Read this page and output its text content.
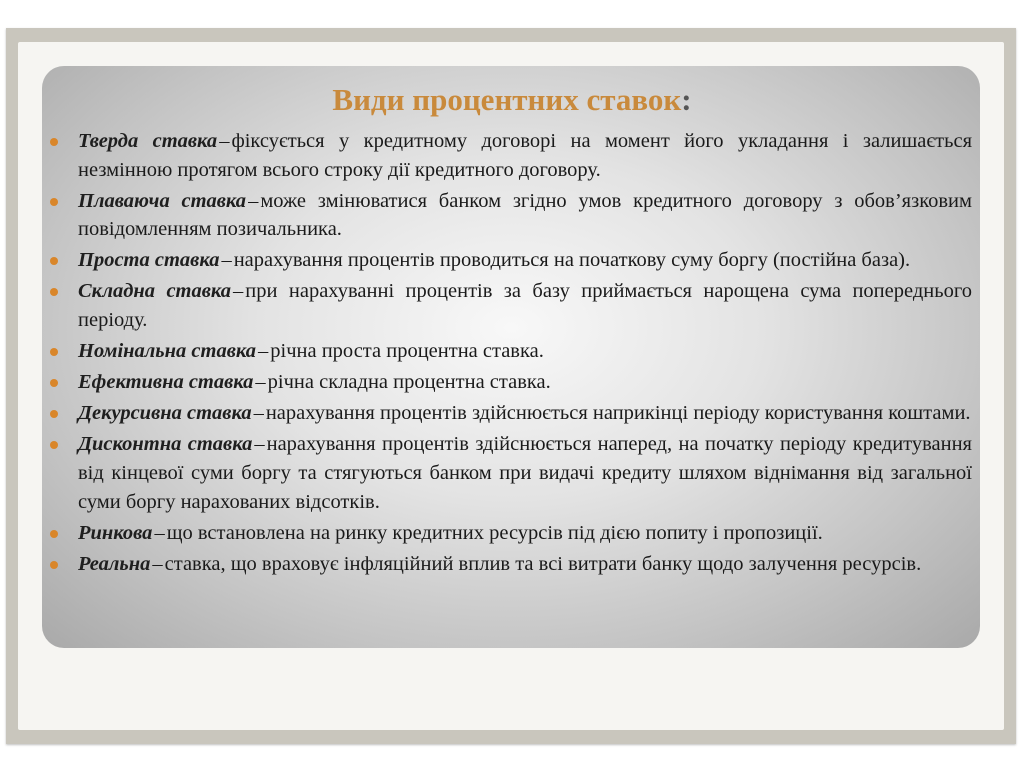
Види процентних ставок:
Тверда ставка–фіксується у кредитному договорі на момент його укладання і залишається незмінною протягом всього строку дії кредитного договору.
Плаваюча ставка–може змінюватися банком згідно умов кредитного договору з обов’язковим повідомленням позичальника.
Проста ставка–нарахування процентів проводиться на початкову суму боргу (постійна база).
Складна ставка–при нарахуванні процентів за базу приймається нарощена сума попереднього періоду.
Номінальна ставка–річна проста процентна ставка.
Ефективна ставка–річна складна процентна ставка.
Декурсивна ставка–нарахування процентів здійснюється наприкінці періоду користування коштами.
Дисконтна ставка–нарахування процентів здійснюється наперед, на початку періоду кредитування від кінцевої суми боргу та стягуються банком при видачі кредиту шляхом віднімання від загальної суми боргу нарахованих відсотків.
Ринкова–що встановлена на ринку кредитних ресурсів під дією попиту і пропозиції.
Реальна–ставка, що враховує інфляційний вплив та всі витрати банку щодо залучення ресурсів.
